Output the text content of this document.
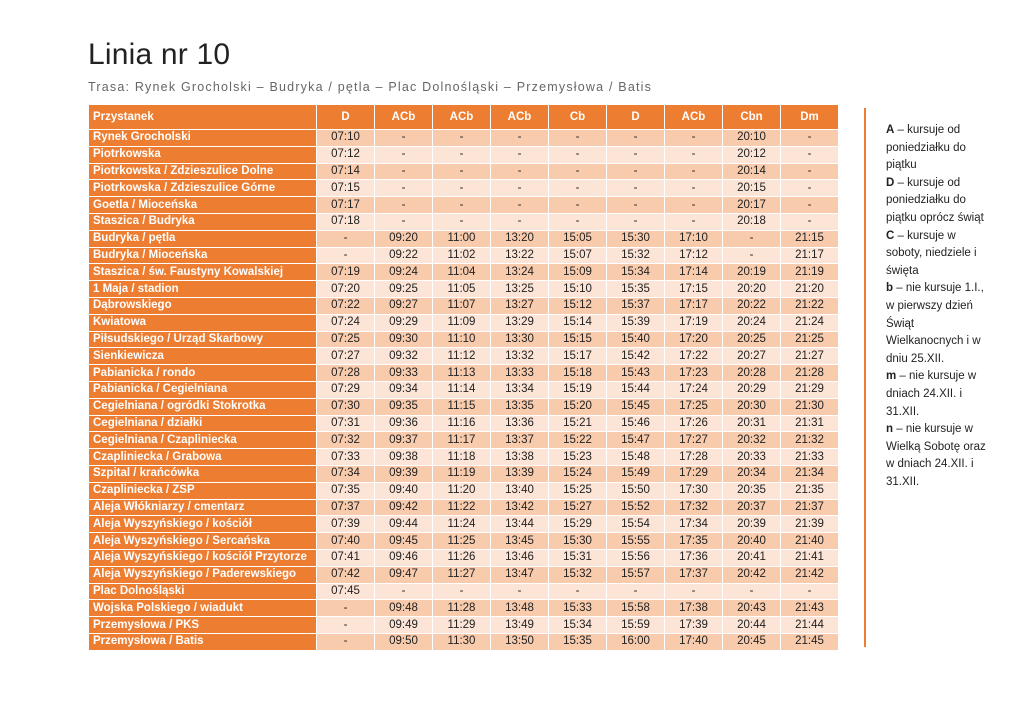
Linia nr 10
Trasa: Rynek Grocholski – Budryka / pętla – Plac Dolnośląski – Przemysłowa / Batis
Przystanek	D	ACb	ACb	ACb	Cb	D	ACb	Cbn	Dm
Rynek Grocholski	07:10	-	-	-	-	-	-	20:10	-
Piotrkowska	07:12	-	-	-	-	-	-	20:12	-
Piotrkowska / Zdzieszulice Dolne	07:14	-	-	-	-	-	-	20:14	-
Piotrkowska / Zdzieszulice Górne	07:15	-	-	-	-	-	-	20:15	-
Goetla / Mioceńska	07:17	-	-	-	-	-	-	20:17	-
Staszica / Budryka	07:18	-	-	-	-	-	-	20:18	-
Budryka / pętla	-	09:20	11:00	13:20	15:05	15:30	17:10	-	21:15
Budryka / Mioceńska	-	09:22	11:02	13:22	15:07	15:32	17:12	-	21:17
Staszica / św. Faustyny Kowalskiej	07:19	09:24	11:04	13:24	15:09	15:34	17:14	20:19	21:19
1 Maja / stadion	07:20	09:25	11:05	13:25	15:10	15:35	17:15	20:20	21:20
Dąbrowskiego	07:22	09:27	11:07	13:27	15:12	15:37	17:17	20:22	21:22
Kwiatowa	07:24	09:29	11:09	13:29	15:14	15:39	17:19	20:24	21:24
Piłsudskiego / Urząd Skarbowy	07:25	09:30	11:10	13:30	15:15	15:40	17:20	20:25	21:25
Sienkiewicza	07:27	09:32	11:12	13:32	15:17	15:42	17:22	20:27	21:27
Pabianicka / rondo	07:28	09:33	11:13	13:33	15:18	15:43	17:23	20:28	21:28
Pabianicka / Cegielniana	07:29	09:34	11:14	13:34	15:19	15:44	17:24	20:29	21:29
Cegielniana / ogródki Stokrotka	07:30	09:35	11:15	13:35	15:20	15:45	17:25	20:30	21:30
Cegielniana / działki	07:31	09:36	11:16	13:36	15:21	15:46	17:26	20:31	21:31
Cegielniana / Czapliniecka	07:32	09:37	11:17	13:37	15:22	15:47	17:27	20:32	21:32
Czapliniecka / Grabowa	07:33	09:38	11:18	13:38	15:23	15:48	17:28	20:33	21:33
Szpital / krańcówka	07:34	09:39	11:19	13:39	15:24	15:49	17:29	20:34	21:34
Czapliniecka / ZSP	07:35	09:40	11:20	13:40	15:25	15:50	17:30	20:35	21:35
Aleja Włókniarzy / cmentarz	07:37	09:42	11:22	13:42	15:27	15:52	17:32	20:37	21:37
Aleja Wyszyńskiego / kościół	07:39	09:44	11:24	13:44	15:29	15:54	17:34	20:39	21:39
Aleja Wyszyńskiego / Sercańska	07:40	09:45	11:25	13:45	15:30	15:55	17:35	20:40	21:40
Aleja Wyszyńskiego / kościół Przytorze	07:41	09:46	11:26	13:46	15:31	15:56	17:36	20:41	21:41
Aleja Wyszyńskiego / Paderewskiego	07:42	09:47	11:27	13:47	15:32	15:57	17:37	20:42	21:42
Plac Dolnośląski	07:45	-	-	-	-	-	-	-	-
Wojska Polskiego / wiadukt	-	09:48	11:28	13:48	15:33	15:58	17:38	20:43	21:43
Przemysłowa / PKS	-	09:49	11:29	13:49	15:34	15:59	17:39	20:44	21:44
Przemysłowa / Batis	-	09:50	11:30	13:50	15:35	16:00	17:40	20:45	21:45
A – kursuje od poniedziałku do piątku
D – kursuje od poniedziałku do piątku oprócz świąt
C – kursuje w soboty, niedziele i święta
b – nie kursuje 1.I., w pierwszy dzień Świąt Wielkanocnych i w dniu 25.XII.
m – nie kursuje w dniach 24.XII. i 31.XII.
n – nie kursuje w Wielką Sobotę oraz w dniach 24.XII. i 31.XII.
